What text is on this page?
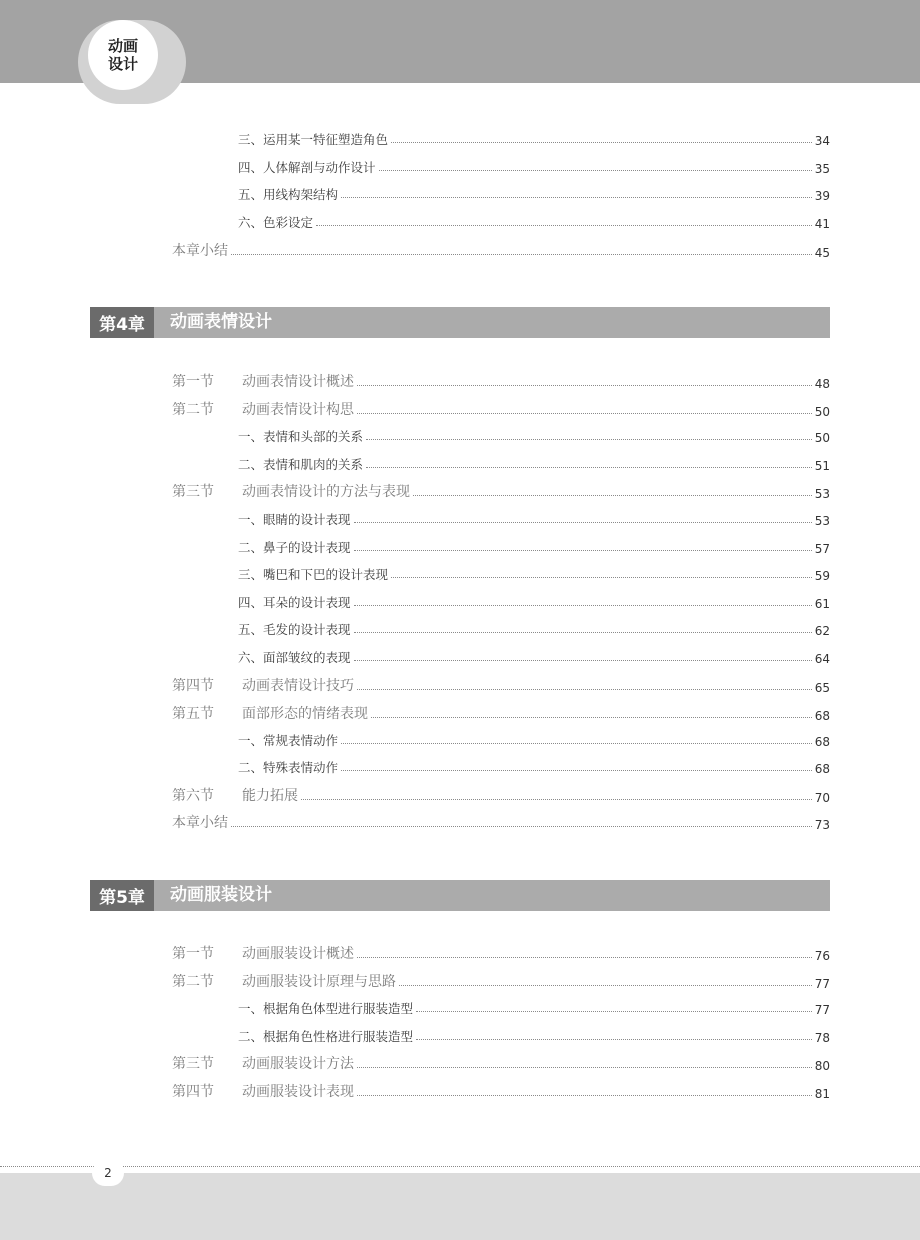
动画
设计
三、运用某一特征塑造角色	34
四、人体解剖与动作设计	35
五、用线构架结构	39
六、色彩设定	41
本章小结	45
第4章	动画表情设计
第一节 动画表情设计概述	48
第二节 动画表情设计构思	50
一、表情和头部的关系	50
二、表情和肌肉的关系	51
第三节 动画表情设计的方法与表现	53
一、眼睛的设计表现	53
二、鼻子的设计表现	57
三、嘴巴和下巴的设计表现	59
四、耳朵的设计表现	61
五、毛发的设计表现	62
六、面部皱纹的表现	64
第四节 动画表情设计技巧	65
第五节 面部形态的情绪表现	68
一、常规表情动作	68
二、特殊表情动作	68
第六节 能力拓展	70
本章小结	73
第5章	动画服装设计
第一节 动画服装设计概述	76
第二节 动画服装设计原理与思路	77
一、根据角色体型进行服装造型	77
二、根据角色性格进行服装造型	78
第三节 动画服装设计方法	80
第四节 动画服装设计表现	81
2
